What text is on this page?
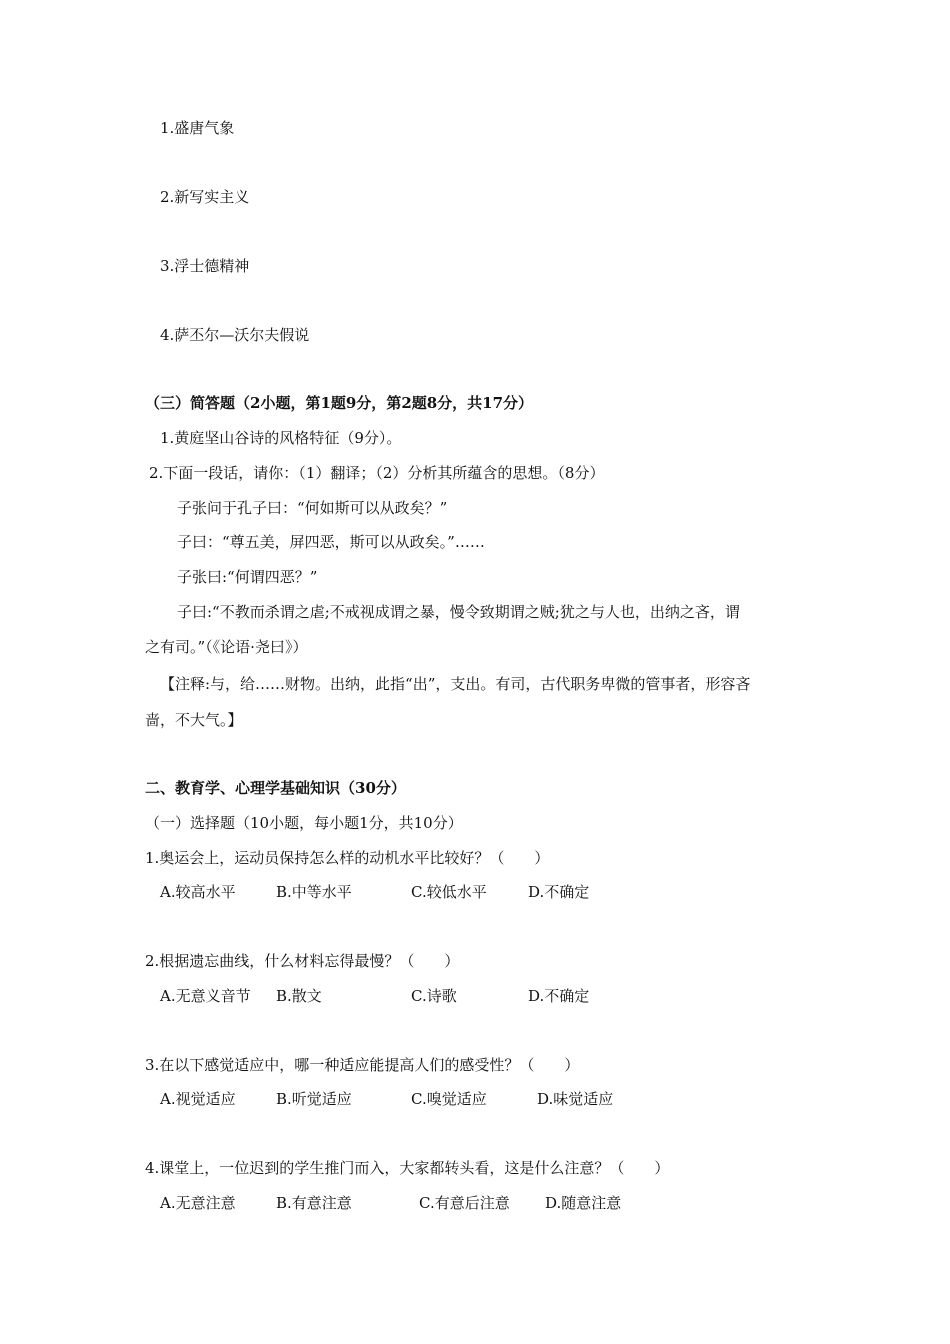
1.盛唐气象
2.新写实主义
3.浮士德精神
4.萨丕尔—沃尔夫假说
（三）简答题（2小题，第1题9分，第2题8分，共17分）
1.黄庭坚山谷诗的风格特征（9分）。
2.下面一段话，请你：（1）翻译；（2）分析其所蕴含的思想。（8分）
子张问于孔子曰：“何如斯可以从政矣？”
子曰：“尊五美，屏四恶，斯可以从政矣。”……
子张曰:“何谓四恶？”
子曰:“不教而杀谓之虐;不戒视成谓之暴，慢令致期谓之贼;犹之与人也，出纳之吝，谓
之有司。”（《论语·尧曰》）
【注释:与，给……财物。出纳，此指“出”，支出。有司，古代职务卑微的管事者，形容吝
啬，不大气。】
二、教育学、心理学基础知识（30分）
（一）选择题（10小题，每小题1分，共10分）
1.奥运会上，运动员保持怎么样的动机水平比较好？（　　）
A.较高水平	B.中等水平	C.较低水平	D.不确定
2.根据遗忘曲线，什么材料忘得最慢？（　　）
A.无意义音节 B.散文	C.诗歌	D.不确定
3.在以下感觉适应中，哪一种适应能提高人们的感受性？（　　）
A.视觉适应	B.听觉适应	C.嗅觉适应	D.味觉适应
4.课堂上，一位迟到的学生推门而入，大家都转头看，这是什么注意？（　　）
A.无意注意	B.有意注意	C.有意后注意 D.随意注意
